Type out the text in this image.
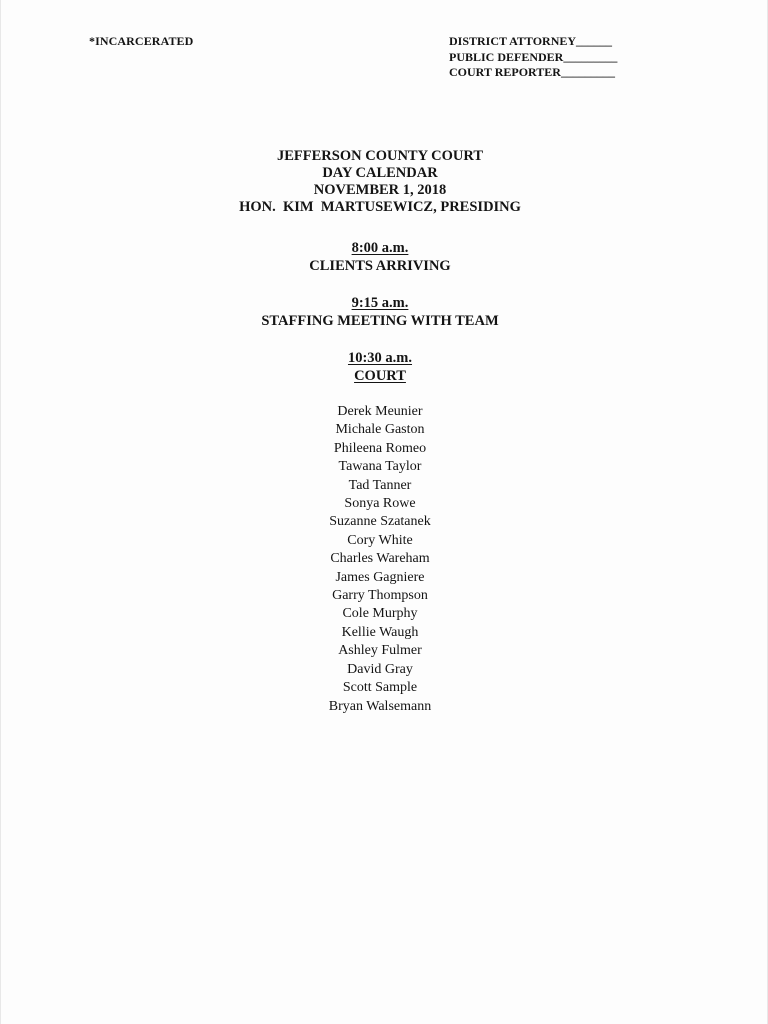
*INCARCERATED	DISTRICT ATTORNEY ______
PUBLIC DEFENDER _________
COURT REPORTER _________
JEFFERSON COUNTY COURT
DAY CALENDAR
NOVEMBER 1, 2018
HON.  KIM  MARTUSEWICZ, PRESIDING
8:00 a.m.
CLIENTS ARRIVING
9:15 a.m.
STAFFING MEETING WITH TEAM
10:30 a.m.
COURT
Derek Meunier
Michale Gaston
Phileena Romeo
Tawana Taylor
Tad Tanner
Sonya Rowe
Suzanne Szatanek
Cory White
Charles Wareham
James Gagniere
Garry Thompson
Cole Murphy
Kellie Waugh
Ashley Fulmer
David Gray
Scott Sample
Bryan Walsemann
